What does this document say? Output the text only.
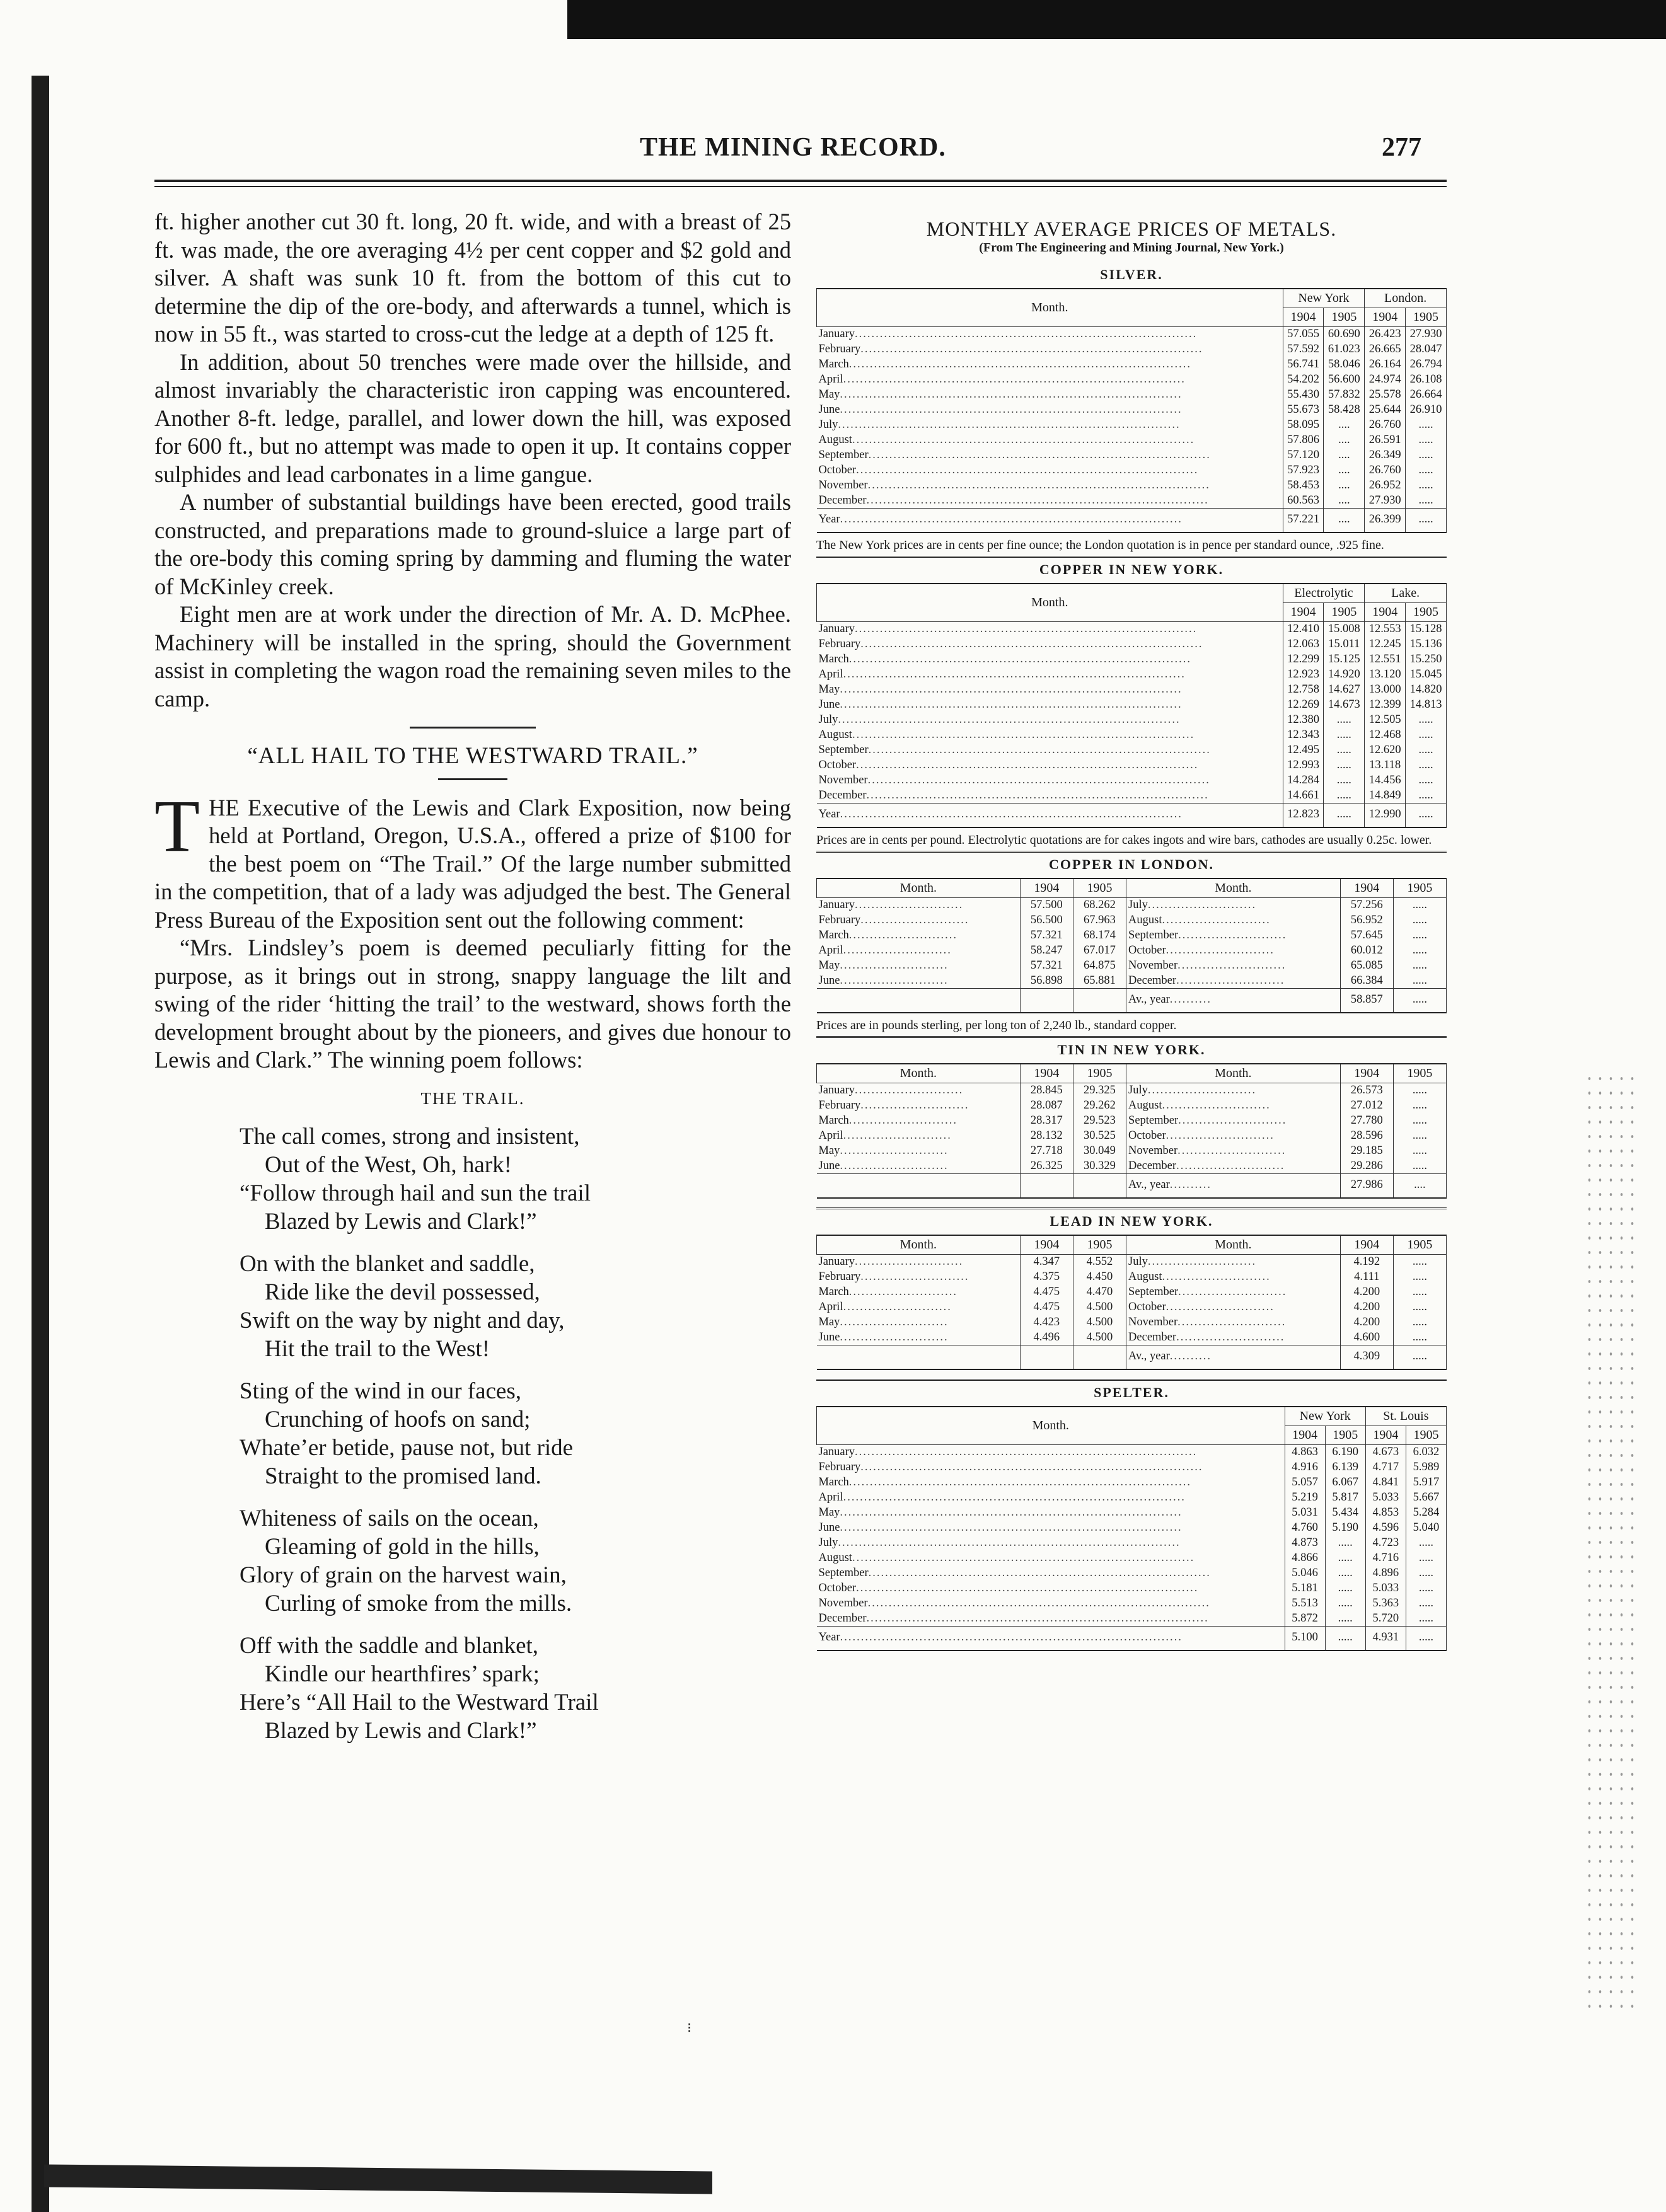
THE MINING RECORD.	277

ft. higher another cut 30 ft. long, 20 ft. wide, and with a breast of 25 ft. was made, the ore averaging 4½ per cent copper and $2 gold and silver. A shaft was sunk 10 ft. from the bottom of this cut to determine the dip of the ore-body, and afterwards a tunnel, which is now in 55 ft., was started to cross-cut the ledge at a depth of 125 ft.

In addition, about 50 trenches were made over the hillside, and almost invariably the characteristic iron capping was encountered. Another 8-ft. ledge, parallel, and lower down the hill, was exposed for 600 ft., but no attempt was made to open it up. It contains copper sulphides and lead carbonates in a lime gangue.

A number of substantial buildings have been erected, good trails constructed, and preparations made to ground-sluice a large part of the ore-body this coming spring by damming and fluming the water of McKinley creek.

Eight men are at work under the direction of Mr. A. D. McPhee. Machinery will be installed in the spring, should the Government assist in completing the wagon road the remaining seven miles to the camp.

“ALL HAIL TO THE WESTWARD TRAIL.”
T HE Executive of the Lewis and Clark Exposition, now being held at Portland, Oregon, U.S.A., offered a prize of $100 for the best poem on “The Trail.” Of the large number submitted in the competition, that of a lady was adjudged the best. The General Press Bureau of the Exposition sent out the following comment:

“Mrs. Lindsley’s poem is deemed peculiarly fitting for the purpose, as it brings out in strong, snappy language the lilt and swing of the rider ‘hitting the trail’ to the westward, shows forth the development brought about by the pioneers, and gives due honour to Lewis and Clark.” The winning poem follows:

THE TRAIL.
The call comes, strong and insistent,
Out of the West, Oh, hark!
“Follow through hail and sun the trail
Blazed by Lewis and Clark!”
On with the blanket and saddle,
Ride like the devil possessed,
Swift on the way by night and day,
Hit the trail to the West!
Sting of the wind in our faces,
Crunching of hoofs on sand;
Whate’er betide, pause not, but ride
Straight to the promised land.
Whiteness of sails on the ocean,
Gleaming of gold in the hills,
Glory of grain on the harvest wain,
Curling of smoke from the mills.
Off with the saddle and blanket,
Kindle our hearthfires’ spark;
Here’s “All Hail to the Westward Trail
Blazed by Lewis and Clark!”
⁝
MONTHLY AVERAGE PRICES OF METALS.
(From The Engineering and Mining Journal, New York.)
SILVER.
Month.	New York		London.	
	1904	1905	1904	1905
January..................................................................................	57.055	60.690	26.423	27.930
February..................................................................................	57.592	61.023	26.665	28.047
March..................................................................................	56.741	58.046	26.164	26.794
April..................................................................................	54.202	56.600	24.974	26.108
May..................................................................................	55.430	57.832	25.578	26.664
June..................................................................................	55.673	58.428	25.644	26.910
July..................................................................................	58.095	....	26.760	.....
August..................................................................................	57.806	....	26.591	.....
September..................................................................................	57.120	....	26.349	.....
October..................................................................................	57.923	....	26.760	.....
November..................................................................................	58.453	....	26.952	.....
December..................................................................................	60.563	....	27.930	.....
Year..................................................................................	57.221	....	26.399	.....
The New York prices are in cents per fine ounce; the London quotation is in pence per standard ounce, .925 fine.
COPPER IN NEW YORK.
Month.	Electrolytic		Lake.	
	1904	1905	1904	1905
January..................................................................................	12.410	15.008	12.553	15.128
February..................................................................................	12.063	15.011	12.245	15.136
March..................................................................................	12.299	15.125	12.551	15.250
April..................................................................................	12.923	14.920	13.120	15.045
May..................................................................................	12.758	14.627	13.000	14.820
June..................................................................................	12.269	14.673	12.399	14.813
July..................................................................................	12.380	.....	12.505	.....
August..................................................................................	12.343	.....	12.468	.....
September..................................................................................	12.495	.....	12.620	.....
October..................................................................................	12.993	.....	13.118	.....
November..................................................................................	14.284	.....	14.456	.....
December..................................................................................	14.661	.....	14.849	.....
Year..................................................................................	12.823	.....	12.990	.....
Prices are in cents per pound. Electrolytic quotations are for cakes ingots and wire bars, cathodes are usually 0.25c. lower.
COPPER IN LONDON.
Month.	1904	1905	Month.	1904	1905
January..........................	57.500	68.262	July..........................	57.256	.....
February..........................	56.500	67.963	August..........................	56.952	.....
March..........................	57.321	68.174	September..........................	57.645	.....
April..........................	58.247	67.017	October..........................	60.012	.....
May..........................	57.321	64.875	November..........................	65.085	.....
June..........................	56.898	65.881	December..........................	66.384	.....
			Av., year..........	58.857	.....
Prices are in pounds sterling, per long ton of 2,240 lb., standard copper.
TIN IN NEW YORK.
Month.	1904	1905	Month.	1904	1905
January..........................	28.845	29.325	July..........................	26.573	.....
February..........................	28.087	29.262	August..........................	27.012	.....
March..........................	28.317	29.523	September..........................	27.780	.....
April..........................	28.132	30.525	October..........................	28.596	.....
May..........................	27.718	30.049	November..........................	29.185	.....
June..........................	26.325	30.329	December..........................	29.286	.....
			Av., year..........	27.986	....
LEAD IN NEW YORK.
Month.	1904	1905	Month.	1904	1905
January..........................	4.347	4.552	July..........................	4.192	.....
February..........................	4.375	4.450	August..........................	4.111	.....
March..........................	4.475	4.470	September..........................	4.200	.....
April..........................	4.475	4.500	October..........................	4.200	.....
May..........................	4.423	4.500	November..........................	4.200	.....
June..........................	4.496	4.500	December..........................	4.600	.....
			Av., year..........	4.309	.....
SPELTER.
Month.	New York		St. Louis	
	1904	1905	1904	1905
January..................................................................................	4.863	6.190	4.673	6.032
February..................................................................................	4.916	6.139	4.717	5.989
March..................................................................................	5.057	6.067	4.841	5.917
April..................................................................................	5.219	5.817	5.033	5.667
May..................................................................................	5.031	5.434	4.853	5.284
June..................................................................................	4.760	5.190	4.596	5.040
July..................................................................................	4.873	.....	4.723	.....
August..................................................................................	4.866	.....	4.716	.....
September..................................................................................	5.046	.....	4.896	.....
October..................................................................................	5.181	.....	5.033	.....
November..................................................................................	5.513	.....	5.363	.....
December..................................................................................	5.872	.....	5.720	.....
Year..................................................................................	5.100	.....	4.931	.....
